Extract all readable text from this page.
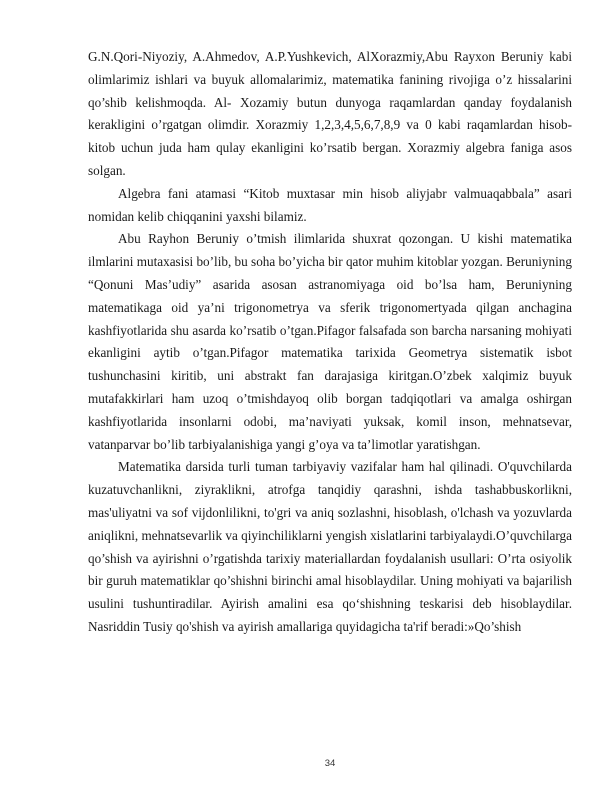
G.N.Qori-Niyoziy, A.Ahmedov, A.P.Yushkevich, AlXorazmiy,Abu Rayxon Beruniy kabi olimlarimiz ishlari va buyuk allomalarimiz, matematika fanining rivojiga o’z hissalarini qo’shib kelishmoqda. Al- Xozamiy butun dunyoga raqamlardan qanday foydalanish kerakligini o’rgatgan olimdir. Xorazmiy 1,2,3,4,5,6,7,8,9 va 0 kabi raqamlardan hisob-kitob uchun juda ham qulay ekanligini ko’rsatib bergan. Xorazmiy algebra faniga asos solgan.

Algebra fani atamasi “Kitob muxtasar min hisob aliyjabr valmuaqabbala” asari nomidan kelib chiqqanini yaxshi bilamiz.

Abu Rayhon Beruniy o’tmish ilimlarida shuxrat qozongan. U kishi matematika ilmlarini mutaxasisi bo’lib, bu soha bo’yicha bir qator muhim kitoblar yozgan. Beruniyning “Qonuni Mas’udiy” asarida asosan astranomiyaga oid bo’lsa ham, Beruniyning matematikaga oid ya’ni trigonometrya va sferik trigonomertyada qilgan anchagina kashfiyotlarida shu asarda ko’rsatib o’tgan.Pifagor falsafada son barcha narsaning mohiyati ekanligini aytib o’tgan.Pifagor matematika tarixida Geometrya sistematik isbot tushunchasini kiritib, uni abstrakt fan darajasiga kiritgan.O’zbek xalqimiz buyuk mutafakkirlari ham uzoq o’tmishdayoq olib borgan tadqiqotlari va amalga oshirgan kashfiyotlarida insonlarni odobi, ma’naviyati yuksak, komil inson, mehnatsevar, vatanparvar bo’lib tarbiyalanishiga yangi g’oya va ta’limotlar yaratishgan.

Matematika darsida turli tuman tarbiyaviy vazifalar ham hal qilinadi. O'quvchilarda kuzatuvchanlikni, ziyraklikni, atrofga tanqidiy qarashni, ishda tashabbuskorlikni, mas'uliyatni va sof vijdonlilikni, to'gri va aniq sozlashni, hisoblash, o'lchash va yozuvlarda aniqlikni, mehnatsevarlik va qiyinchiliklarni yengish xislatlarini tarbiyalaydi.O’quvchilarga qo’shish va ayirishni o’rgatishda tarixiy materiallardan foydalanish usullari: O’rta osiyolik bir guruh matematiklar qo’shishni birinchi amal hisoblaydilar. Uning mohiyati va bajarilish usulini tushuntiradilar. Ayirish amalini esa qo‘shishning teskarisi deb hisoblaydilar. Nasriddin Tusiy qo'shish va ayirish amallariga quyidagicha ta'rif beradi:»Qo’shish

34
